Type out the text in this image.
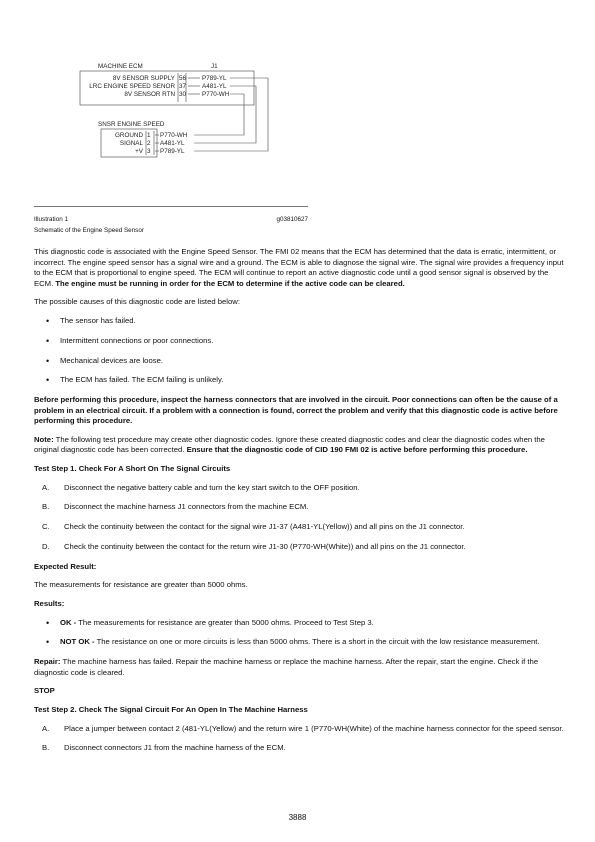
MACHINE ECM	J1
8V SENSOR SUPPLY 56	P789-YL
LRC ENGINE SPEED SENOR 37	A481-YL
8V SENSOR RTN 30	P770-WH
SNSR ENGINE SPEED
GROUND 1 P770-WH
SIGNAL 2 A481-YL
+V 3 P789-YL
Illustration 1	g03810627
Schematic of the Engine Speed Sensor

This diagnostic code is associated with the Engine Speed Sensor. The FMI 02 means that the ECM has determined that the data is erratic, intermittent, or incorrect. The engine speed sensor has a signal wire and a ground. The ECM is able to diagnose the signal wire. The signal wire provides a frequency input to the ECM that is proportional to engine speed. The ECM will continue to report an active diagnostic code until a good sensor signal is observed by the ECM. The engine must be running in order for the ECM to determine if the active code can be cleared.

The possible causes of this diagnostic code are listed below:

• The sensor has failed.
• Intermittent connections or poor connections.
• Mechanical devices are loose.
• The ECM has failed. The ECM failing is unlikely.

Before performing this procedure, inspect the harness connectors that are involved in the circuit. Poor connections can often be the cause of a problem in an electrical circuit. If a problem with a connection is found, correct the problem and verify that this diagnostic code is active before performing this procedure.

Note: The following test procedure may create other diagnostic codes. Ignore these created diagnostic codes and clear the diagnostic codes when the original diagnostic code has been corrected. Ensure that the diagnostic code of CID 190 FMI 02 is active before performing this procedure.

Test Step 1. Check For A Short On The Signal Circuits

A. Disconnect the negative battery cable and turn the key start switch to the OFF position.
B. Disconnect the machine harness J1 connectors from the machine ECM.
C. Check the continuity between the contact for the signal wire J1-37 (A481-YL(Yellow)) and all pins on the J1 connector.
D. Check the continuity between the contact for the return wire J1-30 (P770-WH(White)) and all pins on the J1 connector.

Expected Result:

The measurements for resistance are greater than 5000 ohms.

Results:

• OK - The measurements for resistance are greater than 5000 ohms. Proceed to Test Step 3.
• NOT OK - The resistance on one or more circuits is less than 5000 ohms. There is a short in the circuit with the low resistance measurement.

Repair: The machine harness has failed. Repair the machine harness or replace the machine harness. After the repair, start the engine. Check if the diagnostic code is cleared.

STOP

Test Step 2. Check The Signal Circuit For An Open In The Machine Harness

A. Place a jumper between contact 2 (481-YL(Yellow) and the return wire 1 (P770-WH(White) of the machine harness connector for the speed sensor.
B. Disconnect connectors J1 from the machine harness of the ECM.
3888
